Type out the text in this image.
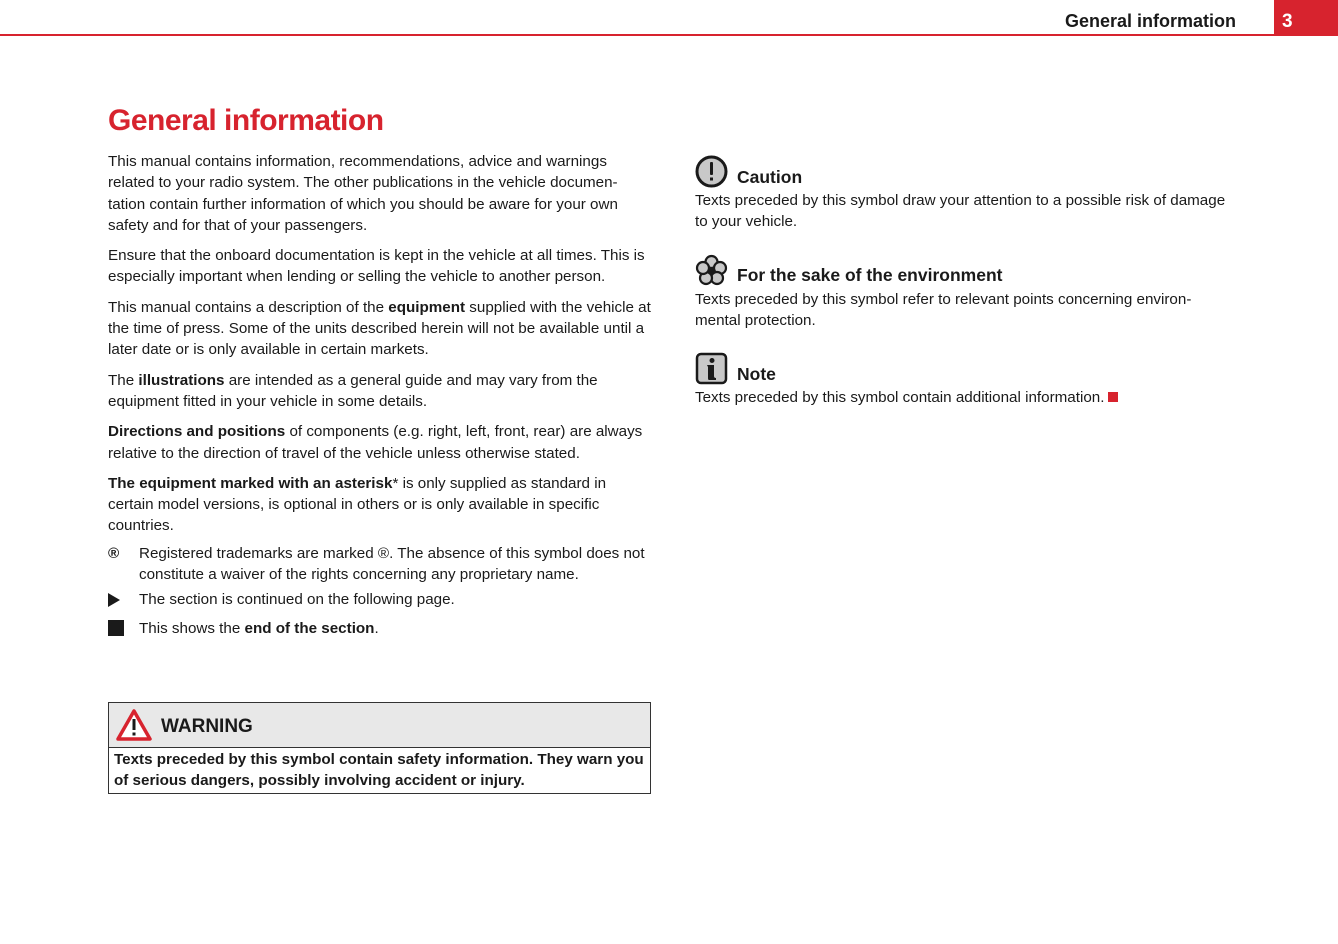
General information	3
General information

This manual contains information, recommendations, advice and warnings related to your radio system. The other publications in the vehicle documen-tation contain further information of which you should be aware for your own safety and for that of your passengers.

Ensure that the onboard documentation is kept in the vehicle at all times. This is especially important when lending or selling the vehicle to another person.

This manual contains a description of the equipment supplied with the vehicle at the time of press. Some of the units described herein will not be available until a later date or is only available in certain markets.

The illustrations are intended as a general guide and may vary from the equipment fitted in your vehicle in some details.

Directions and positions of components (e.g. right, left, front, rear) are always relative to the direction of travel of the vehicle unless otherwise stated.

The equipment marked with an asterisk* is only supplied as standard in certain model versions, is optional in others or is only available in specific countries.

®	Registered trademarks are marked ®. The absence of this symbol does not constitute a waiver of the rights concerning any proprietary name.
The section is continued on the following page.
This shows the end of the section.
WARNING
Texts preceded by this symbol contain safety information. They warn you of serious dangers, possibly involving accident or injury.
Caution
Texts preceded by this symbol draw your attention to a possible risk of damage to your vehicle.
For the sake of the environment
Texts preceded by this symbol refer to relevant points concerning environ-mental protection.
Note
Texts preceded by this symbol contain additional information.
